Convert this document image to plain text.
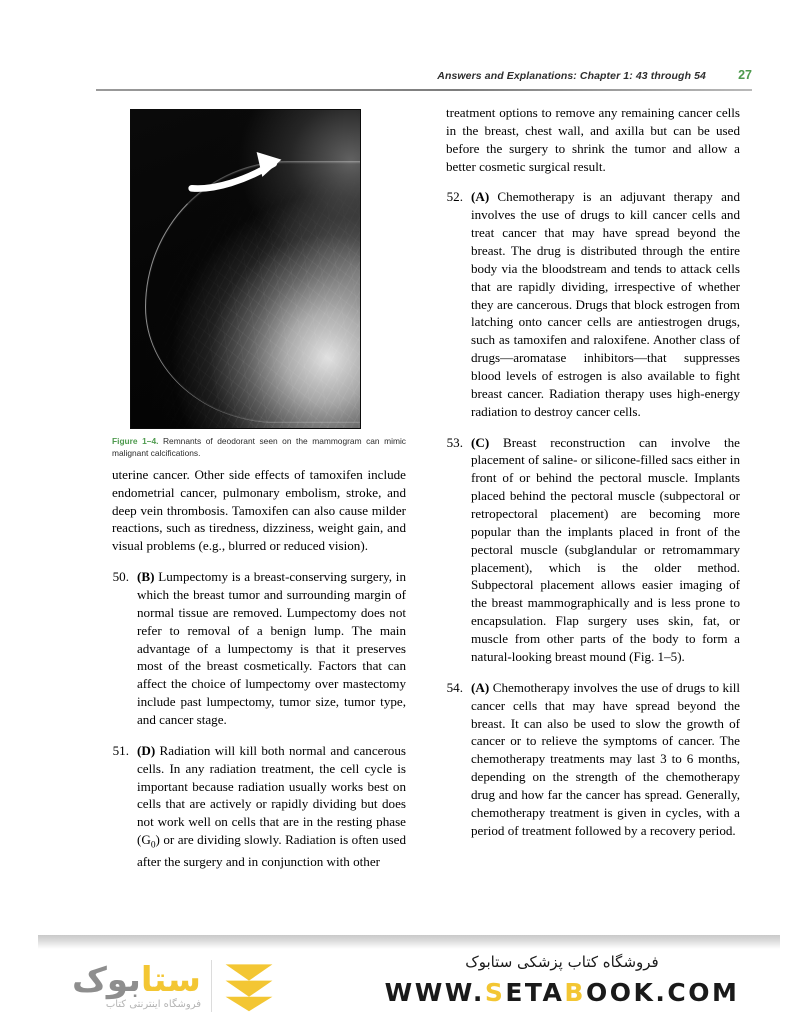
Answers and Explanations: Chapter 1: 43 through 54	27
Figure 1–4. Remnants of deodorant seen on the mammogram can mimic malignant calcifications.

uterine cancer. Other side effects of tamoxifen include endometrial cancer, pulmonary embolism, stroke, and deep vein thrombosis. Tamoxifen can also cause milder reactions, such as tiredness, dizziness, weight gain, and visual problems (e.g., blurred or reduced vision).

50. (B) Lumpectomy is a breast-conserving surgery, in which the breast tumor and surrounding margin of normal tissue are removed. Lumpectomy does not refer to removal of a benign lump. The main advantage of a lumpectomy is that it preserves most of the breast cosmetically. Factors that can affect the choice of lumpectomy over mastectomy include past lumpectomy, tumor size, tumor type, and cancer stage.
51. (D) Radiation will kill both normal and cancerous cells. In any radiation treatment, the cell cycle is important because radiation usually works best on cells that are actively or rapidly dividing but does not work well on cells that are in the resting phase $(G_0)$ or are dividing slowly. Radiation is often used after the surgery and in conjunction with other

treatment options to remove any remaining cancer cells in the breast, chest wall, and axilla but can be used before the surgery to shrink the tumor and allow a better cosmetic surgical result.

52. (A) Chemotherapy is an adjuvant therapy and involves the use of drugs to kill cancer cells and treat cancer that may have spread beyond the breast. The drug is distributed through the entire body via the bloodstream and tends to attack cells that are rapidly dividing, irrespective of whether they are cancerous. Drugs that block estrogen from latching onto cancer cells are antiestrogen drugs, such as tamoxifen and raloxifene. Another class of drugs—aromatase inhibitors—that suppresses blood levels of estrogen is also available to fight breast cancer. Radiation therapy uses high-energy radiation to destroy cancer cells.
53. (C) Breast reconstruction can involve the placement of saline- or silicone-filled sacs either in front of or behind the pectoral muscle. Implants placed behind the pectoral muscle (subpectoral or retropectoral placement) are becoming more popular than the implants placed in front of the pectoral muscle (subglandular or retromammary placement), which is the older method. Subpectoral placement allows easier imaging of the breast mammographically and is less prone to encapsulation. Flap surgery uses skin, fat, or muscle from other parts of the body to form a natural-looking breast mound (Fig. 1–5).
54. (A) Chemotherapy involves the use of drugs to kill cancer cells that may have spread beyond the breast. It can also be used to slow the growth of cancer or to relieve the symptoms of cancer. The chemotherapy treatments may last 3 to 6 months, depending on the strength of the chemotherapy drug and how far the cancer has spread. Generally, chemotherapy treatment is given in cycles, with a period of treatment followed by a recovery period.
ستابوک
فروشگاه اینترنتی کتاب
فروشگاه کتاب پزشکی ستابوک
WWW.SETABOOK.COM
